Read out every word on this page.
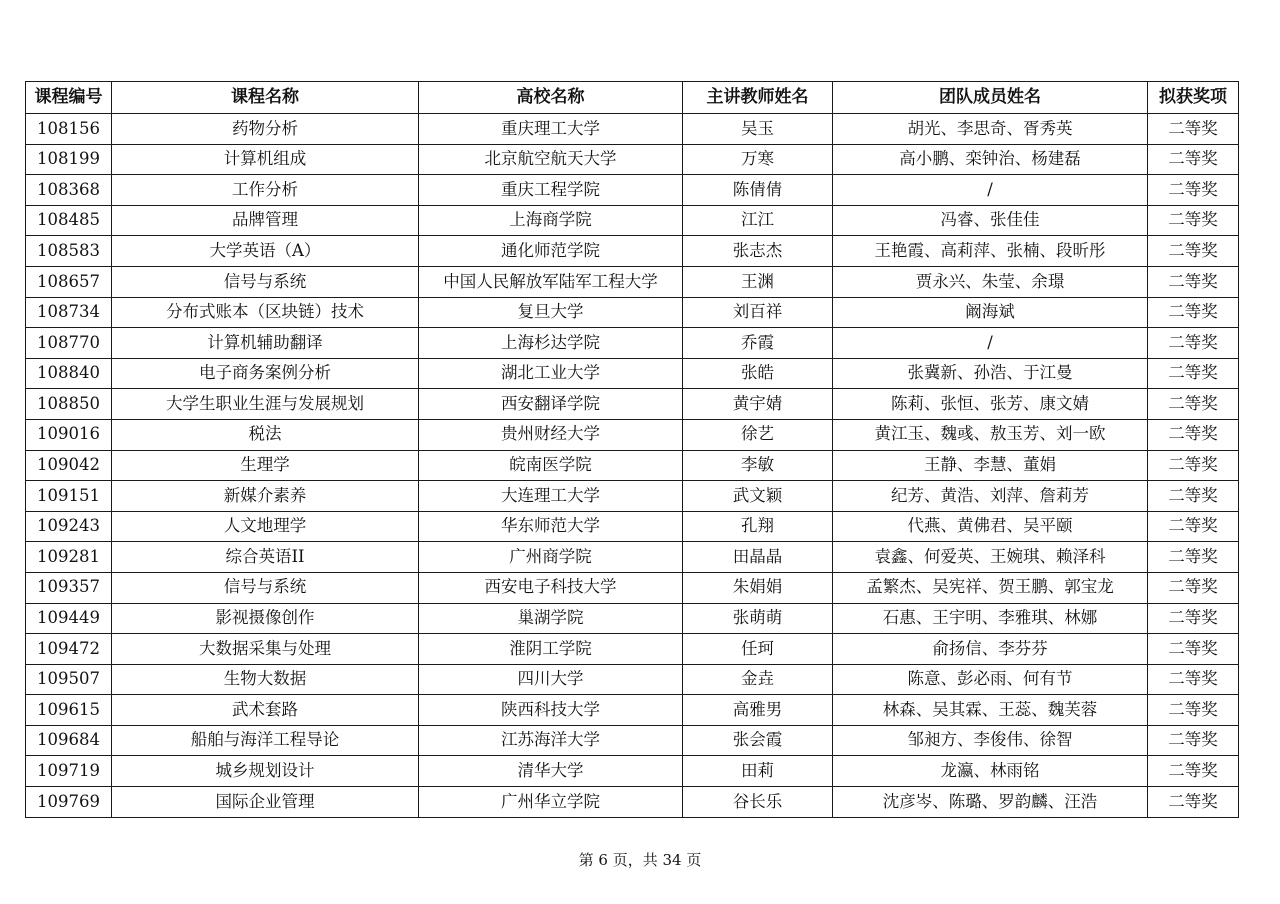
课程编号	课程名称	高校名称	主讲教师姓名	团队成员姓名	拟获奖项
108156	药物分析	重庆理工大学	吴玉	胡光、李思奇、胥秀英	二等奖
108199	计算机组成	北京航空航天大学	万寒	高小鹏、栾钟治、杨建磊	二等奖
108368	工作分析	重庆工程学院	陈倩倩	/	二等奖
108485	品牌管理	上海商学院	江江	冯睿、张佳佳	二等奖
108583	大学英语（A）	通化师范学院	张志杰	王艳霞、高莉萍、张楠、段昕彤	二等奖
108657	信号与系统	中国人民解放军陆军工程大学	王渊	贾永兴、朱莹、余璟	二等奖
108734	分布式账本（区块链）技术	复旦大学	刘百祥	阚海斌	二等奖
108770	计算机辅助翻译	上海杉达学院	乔霞	/	二等奖
108840	电子商务案例分析	湖北工业大学	张皓	张冀新、孙浩、于江曼	二等奖
108850	大学生职业生涯与发展规划	西安翻译学院	黄宇婧	陈莉、张恒、张芳、康文婧	二等奖
109016	税法	贵州财经大学	徐艺	黄江玉、魏彧、敖玉芳、刘一欧	二等奖
109042	生理学	皖南医学院	李敏	王静、李慧、董娟	二等奖
109151	新媒介素养	大连理工大学	武文颖	纪芳、黄浩、刘萍、詹莉芳	二等奖
109243	人文地理学	华东师范大学	孔翔	代燕、黄佛君、吴平颐	二等奖
109281	综合英语II	广州商学院	田晶晶	袁鑫、何爱英、王婉琪、赖泽科	二等奖
109357	信号与系统	西安电子科技大学	朱娟娟	孟繁杰、吴宪祥、贺王鹏、郭宝龙	二等奖
109449	影视摄像创作	巢湖学院	张萌萌	石惠、王宇明、李雅琪、林娜	二等奖
109472	大数据采集与处理	淮阴工学院	任珂	俞扬信、李芬芬	二等奖
109507	生物大数据	四川大学	金垚	陈意、彭必雨、何有节	二等奖
109615	武术套路	陕西科技大学	高雅男	林森、吴其霖、王蕊、魏芙蓉	二等奖
109684	船舶与海洋工程导论	江苏海洋大学	张会霞	邹昶方、李俊伟、徐智	二等奖
109719	城乡规划设计	清华大学	田莉	龙瀛、林雨铭	二等奖
109769	国际企业管理	广州华立学院	谷长乐	沈彦岑、陈璐、罗韵麟、汪浩	二等奖
第 6 页，共 34 页
